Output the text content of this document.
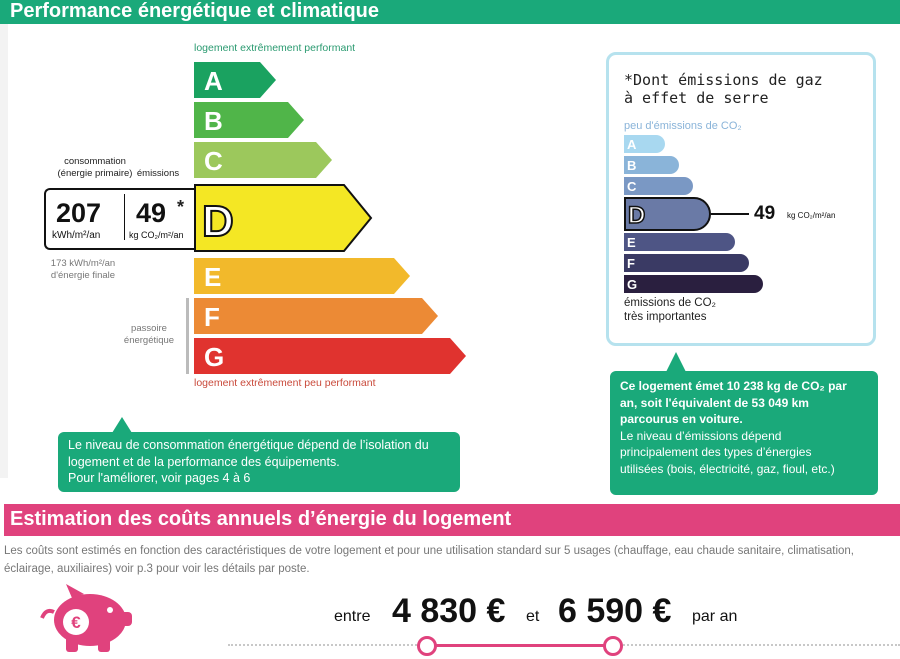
Performance énergétique et climatique
logement extrêmement performant
A
B
C
D
consommation
(énergie primaire) émissions
207
kWh/m²/an
49 *
kg CO₂/m²/an
173 kWh/m²/an
d'énergie finale	E
F
G
passoire
énergétique
logement extrêmement peu performant
*Dont émissions de gaz
à effet de serre
peu d'émissions de CO₂
A
B
C
D	49 kg CO₂/m²/an
E
F
G
émissions de CO₂
très importantes
Le niveau de consommation énergétique dépend de l’isolation du
logement et de la performance des équipements.
Pour l'améliorer, voir pages 4 à 6
Ce logement émet 10 238 kg de CO₂ par
an, soit l'équivalent de 53 049 km
parcourus en voiture.
Le niveau d’émissions dépend
principalement des types d’énergies
utilisées (bois, électricité, gaz, fioul, etc.)
Estimation des coûts annuels d’énergie du logement
Les coûts sont estimés en fonction des caractéristiques de votre logement et pour une utilisation standard sur 5 usages (chauffage, eau chaude sanitaire, climatisation,
éclairage, auxiliaires) voir p.3 pour voir les détails par poste.
€	entre 4 830 € et 6 590 € par an
